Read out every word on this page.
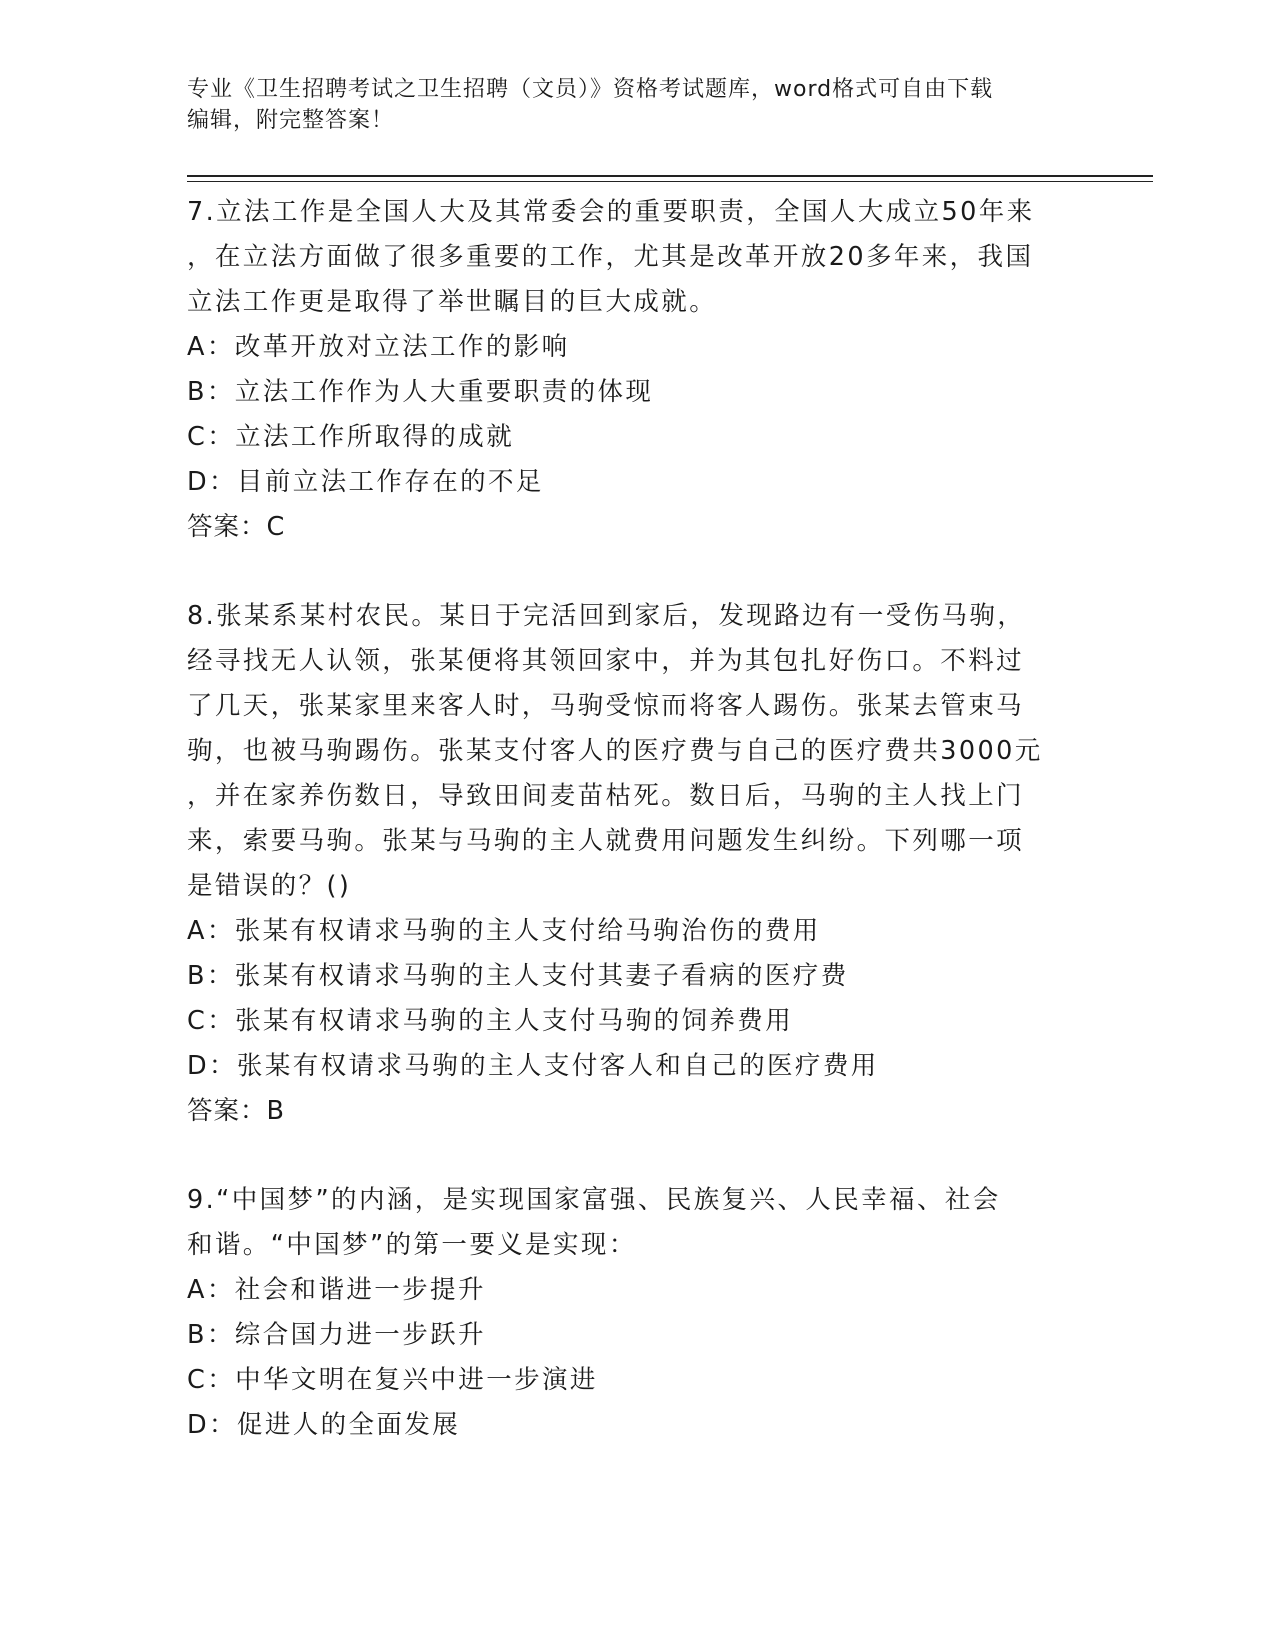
专业《卫生招聘考试之卫生招聘（文员）》资格考试题库，word格式可自由下载
编辑，附完整答案！

7.立法工作是全国人大及其常委会的重要职责，全国人大成立50年来

，在立法方面做了很多重要的工作，尤其是改革开放20多年来，我国

立法工作更是取得了举世瞩目的巨大成就。

A：改革开放对立法工作的影响

B：立法工作作为人大重要职责的体现

C：立法工作所取得的成就

D：目前立法工作存在的不足

答案：C

8.张某系某村农民。某日于完活回到家后，发现路边有一受伤马驹，

经寻找无人认领，张某便将其领回家中，并为其包扎好伤口。不料过

了几天，张某家里来客人时，马驹受惊而将客人踢伤。张某去管束马

驹，也被马驹踢伤。张某支付客人的医疗费与自己的医疗费共3000元

，并在家养伤数日，导致田间麦苗枯死。数日后，马驹的主人找上门

来，索要马驹。张某与马驹的主人就费用问题发生纠纷。下列哪一项

是错误的？()

A：张某有权请求马驹的主人支付给马驹治伤的费用

B：张某有权请求马驹的主人支付其妻子看病的医疗费

C：张某有权请求马驹的主人支付马驹的饲养费用

D：张某有权请求马驹的主人支付客人和自己的医疗费用

答案：B

9.“中国梦”的内涵，是实现国家富强、民族复兴、人民幸福、社会

和谐。“中国梦”的第一要义是实现：

A：社会和谐进一步提升

B：综合国力进一步跃升

C：中华文明在复兴中进一步演进

D：促进人的全面发展
